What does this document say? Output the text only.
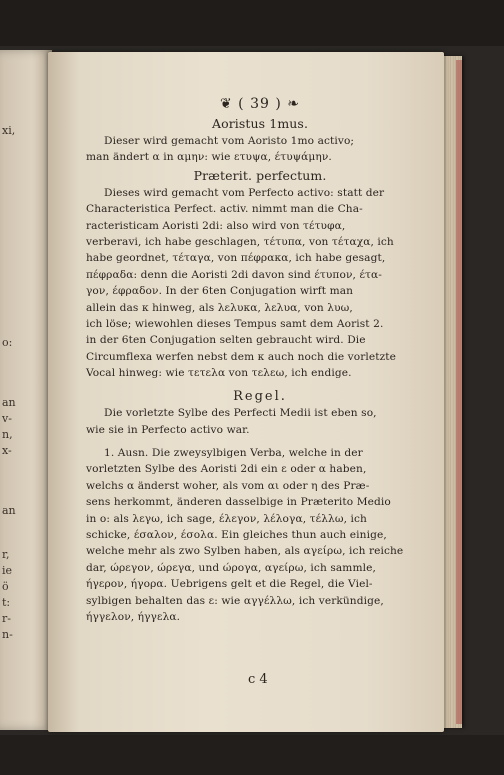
xi,
o:
an
v-
n,
x-
an
r,
ie
ö
t:
r-
n-
❦ ( 39 ) ❧
Aoristus 1mus.
Dieser wird gemacht vom Aoristo 1mo activo;
man ändert α in αμην: wie ετυψα, έτυψάμην.
Præterit. perfectum.
Dieses wird gemacht vom Perfecto activo: statt der
Characteristica Perfect. activ. nimmt man die Cha-
racteristicam Aoristi 2di: also wird von τέτυφα,
verberavi, ich habe geschlagen, τέτυπα, von τέταχα, ich
habe geordnet, τέταγα, von πέφρακα, ich habe gesagt,
πέφραδα: denn die Aoristi 2di davon sind έτυπον, έτα-
γον, έφραδον. In der 6ten Conjugation wirft man
allein das κ hinweg, als λελυκα, λελυα, von λυω,
ich löse; wiewohlen dieses Tempus samt dem Aorist 2.
in der 6ten Conjugation selten gebraucht wird. Die
Circumflexa werfen nebst dem κ auch noch die vorletzte
Vocal hinweg: wie τετελα von τελεω, ich endige.
Regel.
Die vorletzte Sylbe des Perfecti Medii ist eben so,
wie sie in Perfecto activo war.
1. Ausn. Die zweysylbigen Verba, welche in der
vorletzten Sylbe des Aoristi 2di ein ε oder α haben,
welchs α änderst woher, als vom αι oder η des Præ-
sens herkommt, änderen dasselbige in Præterito Medio
in ο: als λεγω, ich sage, έλεγον, λέλογα, τέλλω, ich
schicke, έσαλον, έσολα. Ein gleiches thun auch einige,
welche mehr als zwo Sylben haben, als αγείρω, ich reiche
dar, ώρεγον, ώρεγα, und ώρογα, αγείρω, ich sammle,
ήγερον, ήγορα. Uebrigens gelt et die Regel, die Viel-
sylbigen behalten das ε: wie αγγέλλω, ich verkündige,
ήγγελον, ήγγελα.
c 4
